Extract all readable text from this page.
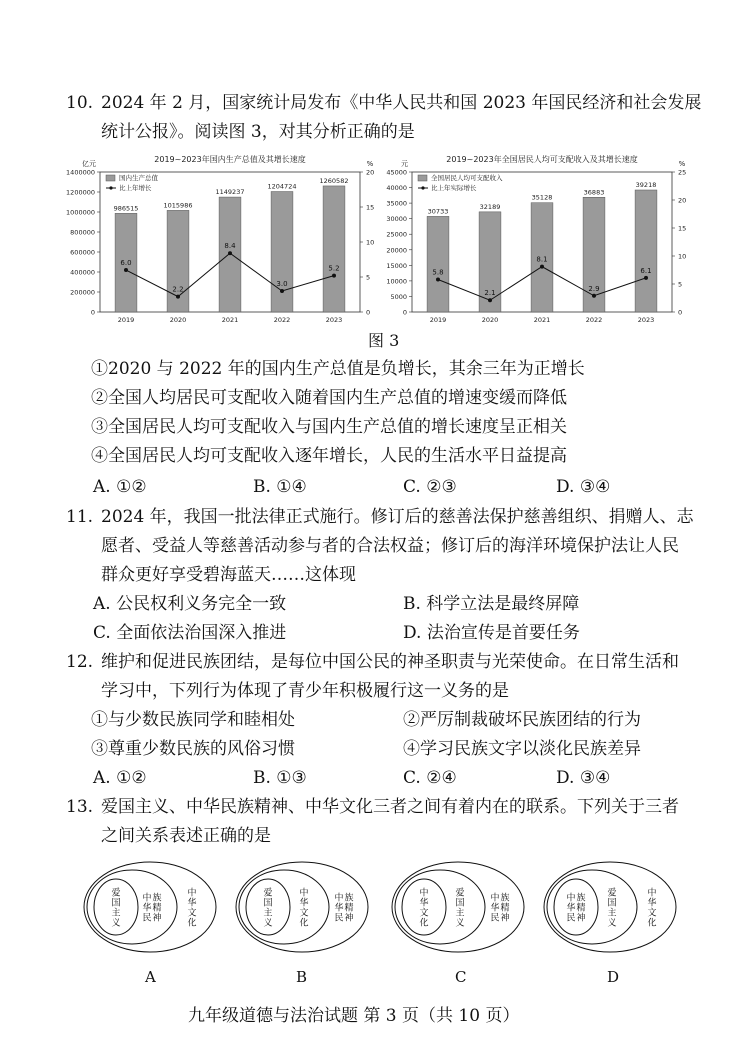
10. 2024 年 2 月，国家统计局发布《中华人民共和国 2023 年国民经济和社会发展
统计公报》。阅读图 3，对其分析正确的是
2019~2023年国内生产总值及其增长速度
亿元	%
0
200000
400000
600000
800000
1000000
1200000
1400000
0
5
10
15
20
986515
2019
1015986
2020
1149237
2021
1204724
2022
1260582
2023
6.0
2.2
8.4
3.0
5.2
国内生产总值
比上年增长
2019~2023年全国居民人均可支配收入及其增长速度
元	%
0
5000
10000
15000
20000
25000
30000
35000
40000
45000
0
5
10
15
20
25
30733
2019
32189
2020
35128
2021
36883
2022
39218
2023
5.8
2.1
8.1
2.9
6.1
全国居民人均可支配收入
比上年实际增长
图 3
①2020 与 2022 年的国内生产总值是负增长，其余三年为正增长
②全国人均居民可支配收入随着国内生产总值的增速变缓而降低
③全国居民人均可支配收入与国内生产总值的增长速度呈正相关
④全国居民人均可支配收入逐年增长，人民的生活水平日益提高
A. ①②	B. ①④	C. ②③	D. ③④
11. 2024 年，我国一批法律正式施行。修订后的慈善法保护慈善组织、捐赠人、志
愿者、受益人等慈善活动参与者的合法权益；修订后的海洋环境保护法让人民
群众更好享受碧海蓝天……这体现
A. 公民权利义务完全一致	B. 科学立法是最终屏障
C. 全面依法治国深入推进	D. 法治宣传是首要任务
12. 维护和促进民族团结，是每位中国公民的神圣职责与光荣使命。在日常生活和
学习中，下列行为体现了青少年积极履行这一义务的是
①与少数民族同学和睦相处	②严厉制裁破坏民族团结的行为
③尊重少数民族的风俗习惯	④学习民族文字以淡化民族差异
A. ①②	B. ①③	C. ②④	D. ③④
13. 爱国主义、中华民族精神、中华文化三者之间有着内在的联系。下列关于三者
之间关系表述正确的是
爱
国
主
义
中
华
民
族
精
神
中
华
文
化
爱
国
主
义
中
华
文
化
中
华
民
族
精
神
中
华
文
化
爱
国
主
义
中
华
民
族
精
神
中
华
民
族
精
神
爱
国
主
义
中
华
文
化
A	B	C	D
九年级道德与法治试题 第 3 页（共 10 页）
